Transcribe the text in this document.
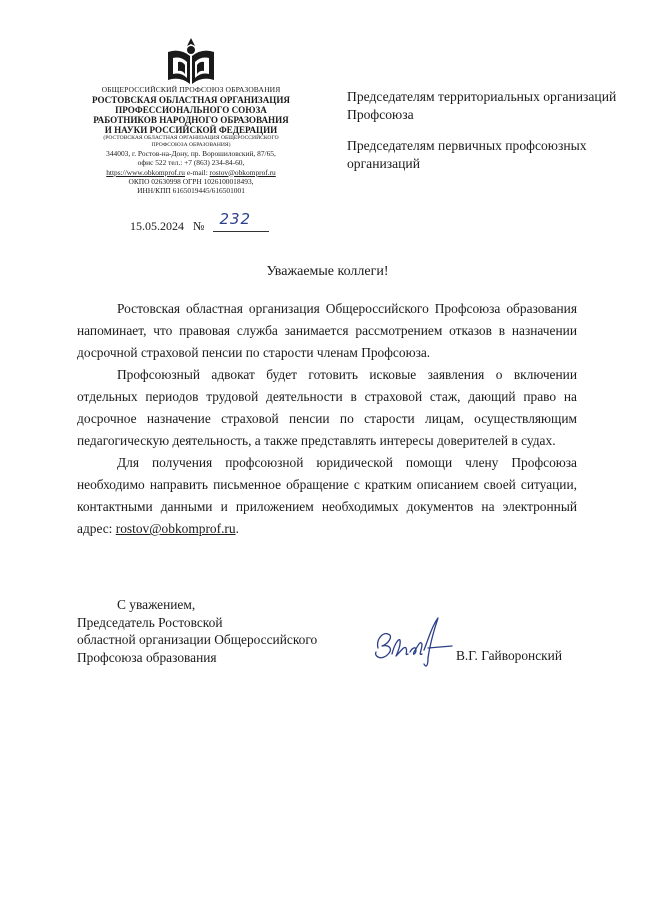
ОБЩЕРОССИЙСКИЙ ПРОФСОЮЗ ОБРАЗОВАНИЯ
РОСТОВСКАЯ ОБЛАСТНАЯ ОРГАНИЗАЦИЯ
ПРОФЕССИОНАЛЬНОГО СОЮЗА
РАБОТНИКОВ НАРОДНОГО ОБРАЗОВАНИЯ
И НАУКИ РОССИЙСКОЙ ФЕДЕРАЦИИ
(РОСТОВСКАЯ ОБЛАСТНАЯ ОРГАНИЗАЦИЯ ОБЩЕРОССИЙСКОГО
ПРОФСОЮЗА ОБРАЗОВАНИЯ)
344003, г. Ростов-на-Дону, пр. Ворошиловский, 87/65,
офис 522 тел.: +7 (863) 234-84-60,
https://www.obkomprof.ru e-mail: rostov@obkomprof.ru
ОКПО 02630998 ОГРН 1026100018493,
ИНН/КПП 6165019445/616501001
15.05.2024 № 232

Председателям территориальных организаций Профсоюза

Председателям первичных профсоюзных организаций

Уважаемые коллеги!

Ростовская областная организация Общероссийского Профсоюза образования напоминает, что правовая служба занимается рассмотрением отказов в назначении досрочной страховой пенсии по старости членам Профсоюза.

Профсоюзный адвокат будет готовить исковые заявления о включении отдельных периодов трудовой деятельности в страховой стаж, дающий право на досрочное назначение страховой пенсии по старости лицам, осуществляющим педагогическую деятельность, а также представлять интересы доверителей в судах.

Для получения профсоюзной юридической помощи члену Профсоюза необходимо направить письменное обращение с кратким описанием своей ситуации, контактными данными и приложением необходимых документов на электронный адрес: rostov@obkomprof.ru.

С уважением,
Председатель Ростовской
областной организации Общероссийского
Профсоюза образования	В.Г. Гайворонский
